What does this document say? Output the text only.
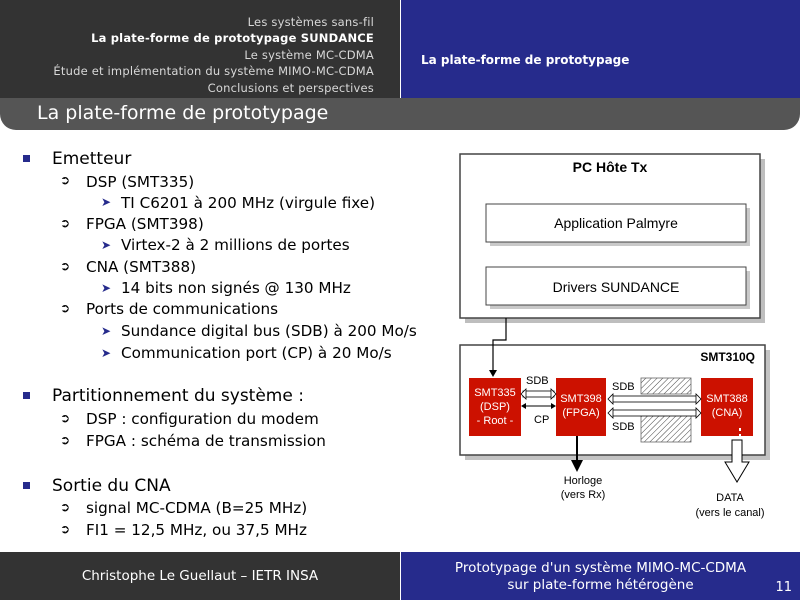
Les systèmes sans-fil
La plate-forme de prototypage SUNDANCE
Le système MC-CDMA
Étude et implémentation du système MIMO-MC-CDMA
Conclusions et perspectives
La plate-forme de prototypage
La plate-forme de prototypage
Emetteur
➲ DSP (SMT335)
➤ TI C6201 à 200 MHz (virgule fixe)
➲ FPGA (SMT398)
➤ Virtex-2 à 2 millions de portes
➲ CNA (SMT388)
➤ 14 bits non signés @ 130 MHz
➲ Ports de communications
➤ Sundance digital bus (SDB) à 200 Mo/s
➤ Communication port (CP) à 20 Mo/s
Partitionnement du système :
➲ DSP : configuration du modem
➲ FPGA : schéma de transmission
Sortie du CNA
➲ signal MC-CDMA (B=25 MHz)
➲ FI1 = 12,5 MHz, ou 37,5 MHz
PC Hôte Tx
Application Palmyre
Drivers SUNDANCE
SMT310Q
SMT335
(DSP)
- Root -
SMT398
(FPGA)
SMT388
(CNA)
SDB
CP
SDB
SDB
Horloge
(vers Rx)	DATA
(vers le canal)
Christophe Le Guellaut – IETR INSA	Prototypage d'un système MIMO-MC-CDMA
sur plate-forme hétérogène	11
